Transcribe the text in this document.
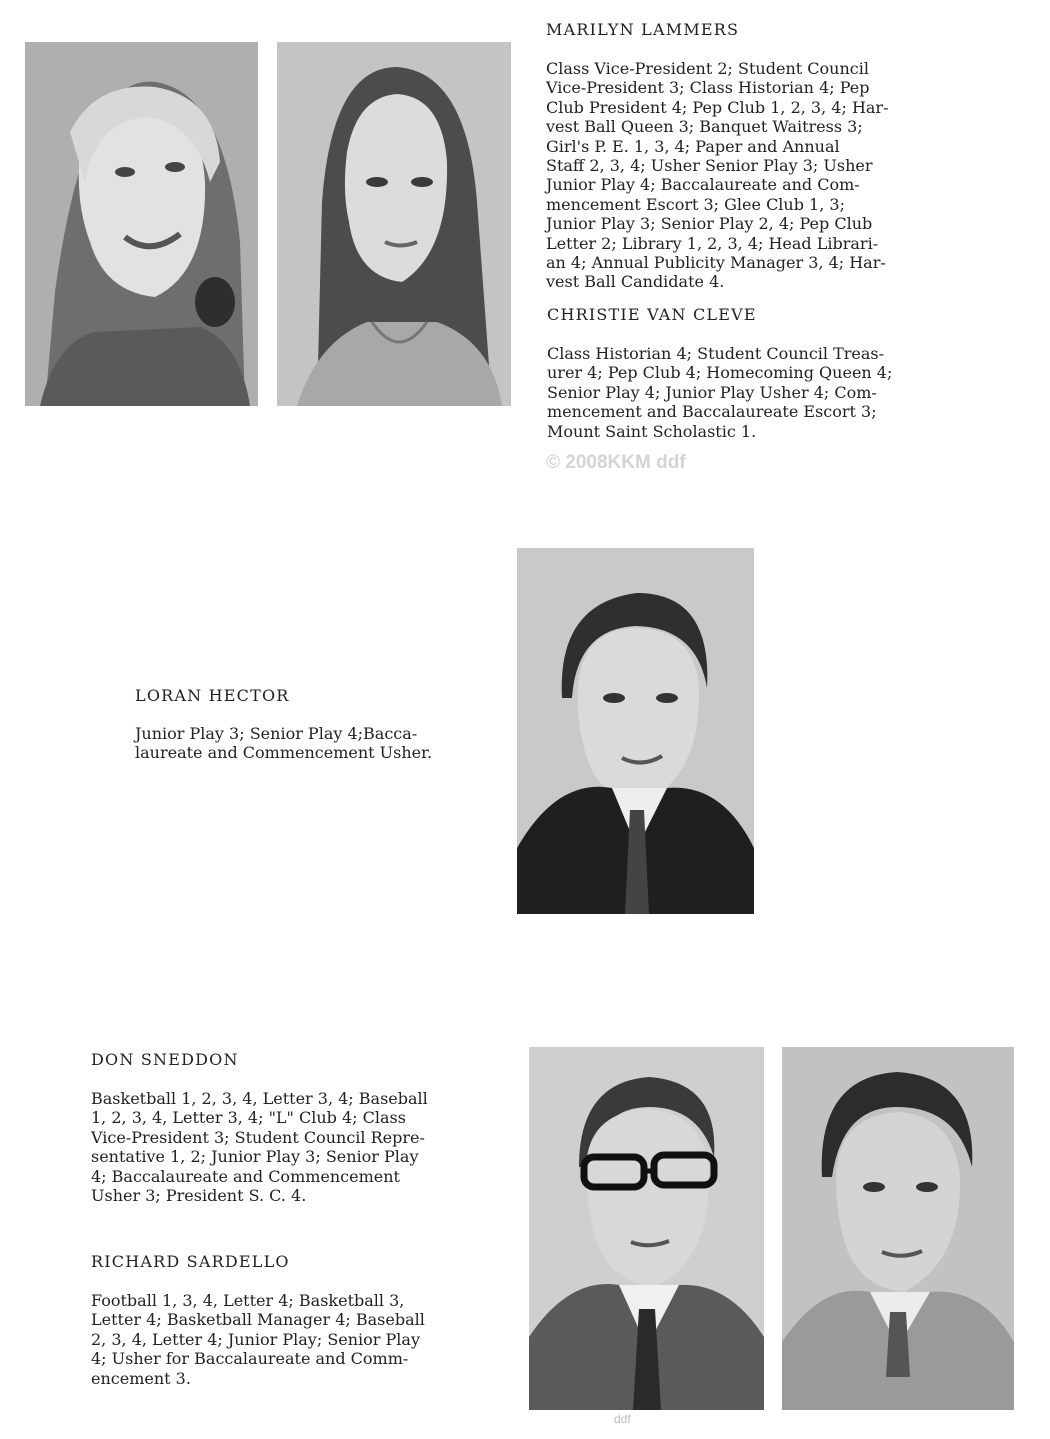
MARILYN LAMMERS
Class Vice-President 2; Student Council
Vice-President 3; Class Historian 4; Pep
Club President 4; Pep Club 1, 2, 3, 4; Har-
vest Ball Queen 3; Banquet Waitress 3;
Girl's P. E. 1, 3, 4; Paper and Annual
Staff 2, 3, 4; Usher Senior Play 3; Usher
Junior Play 4; Baccalaureate and Com-
mencement Escort 3; Glee Club 1, 3;
Junior Play 3; Senior Play 2, 4; Pep Club
Letter 2; Library 1, 2, 3, 4; Head Librari-
an 4; Annual Publicity Manager 3, 4; Har-
vest Ball Candidate 4.
CHRISTIE VAN CLEVE
Class Historian 4; Student Council Treas-
urer 4; Pep Club 4; Homecoming Queen 4;
Senior Play 4; Junior Play Usher 4; Com-
mencement and Baccalaureate Escort 3;
Mount Saint Scholastic 1.
© 2008KKM ddf
LORAN HECTOR
Junior Play 3; Senior Play 4;Bacca-
laureate and Commencement Usher.
DON SNEDDON
Basketball 1, 2, 3, 4, Letter 3, 4; Baseball
1, 2, 3, 4, Letter 3, 4; "L" Club 4; Class
Vice-President 3; Student Council Repre-
sentative 1, 2; Junior Play 3; Senior Play
4; Baccalaureate and Commencement
Usher 3; President S. C. 4.
RICHARD SARDELLO
Football 1, 3, 4, Letter 4; Basketball 3,
Letter 4; Basketball Manager 4; Baseball
2, 3, 4, Letter 4; Junior Play; Senior Play
4; Usher for Baccalaureate and Comm-
encement 3.
ddf
